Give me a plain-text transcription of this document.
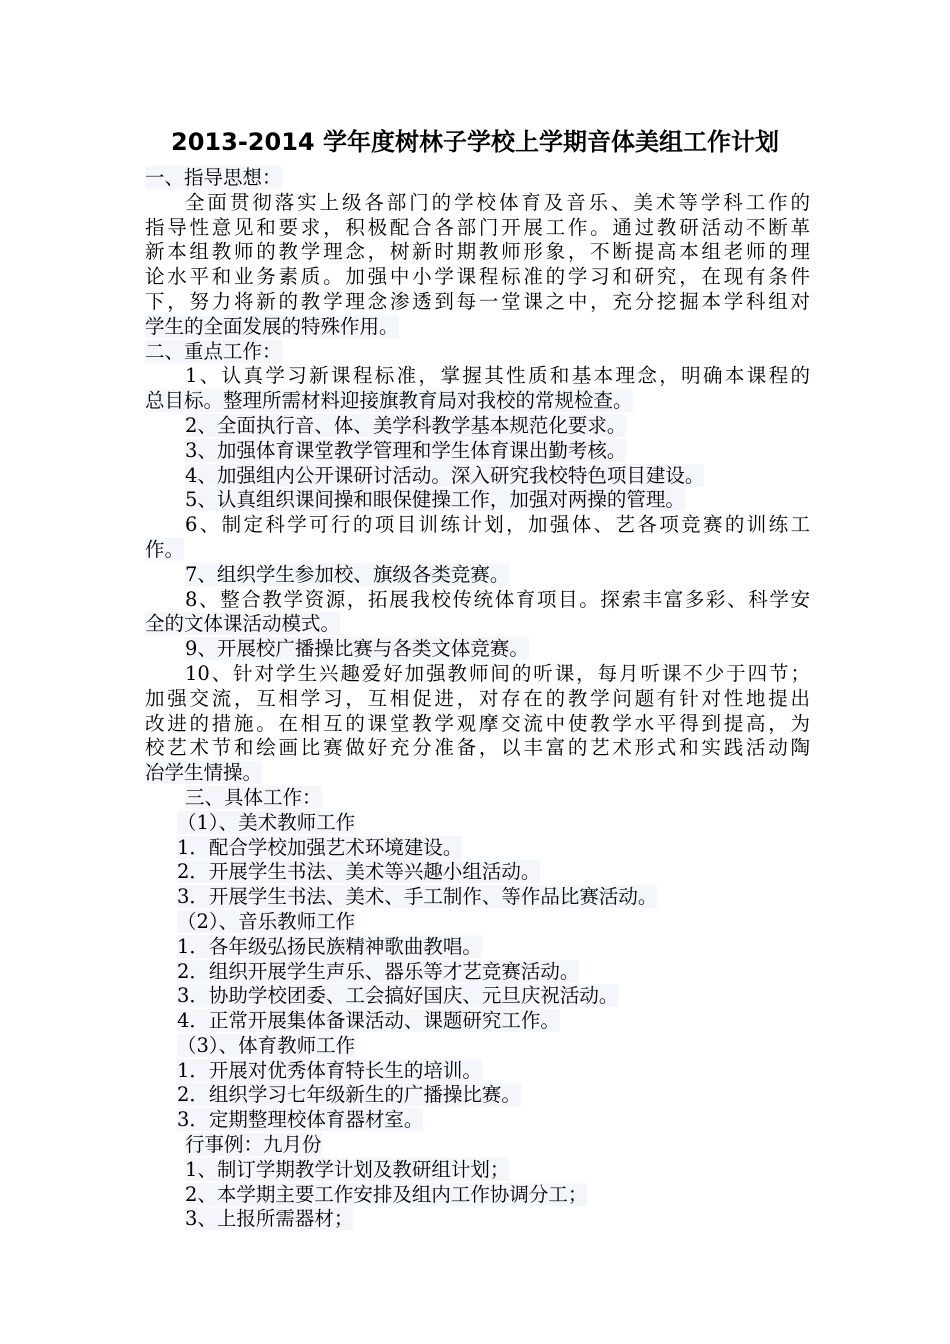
2013-2014 学年度树林子学校上学期音体美组工作计划
一、指导思想：
全面贯彻落实上级各部门的学校体育及音乐、美术等学科工作的
指导性意见和要求，积极配合各部门开展工作。通过教研活动不断革
新本组教师的教学理念，树新时期教师形象，不断提高本组老师的理
论水平和业务素质。加强中小学课程标准的学习和研究，在现有条件
下，努力将新的教学理念渗透到每一堂课之中，充分挖掘本学科组对
学生的全面发展的特殊作用。
二、重点工作：
1、认真学习新课程标准，掌握其性质和基本理念，明确本课程的
总目标。整理所需材料迎接旗教育局对我校的常规检查。
2、全面执行音、体、美学科教学基本规范化要求。
3、加强体育课堂教学管理和学生体育课出勤考核。
4、加强组内公开课研讨活动。深入研究我校特色项目建设。
5、认真组织课间操和眼保健操工作，加强对两操的管理。
6、制定科学可行的项目训练计划，加强体、艺各项竞赛的训练工
作。
7、组织学生参加校、旗级各类竞赛。
8、整合教学资源，拓展我校传统体育项目。探索丰富多彩、科学安
全的文体课活动模式。
9、开展校广播操比赛与各类文体竞赛。
10、针对学生兴趣爱好加强教师间的听课，每月听课不少于四节；
加强交流，互相学习，互相促进，对存在的教学问题有针对性地提出
改进的措施。在相互的课堂教学观摩交流中使教学水平得到提高，为
校艺术节和绘画比赛做好充分准备，以丰富的艺术形式和实践活动陶
冶学生情操。
三、具体工作：
（1）、美术教师工作
1．配合学校加强艺术环境建设。
2．开展学生书法、美术等兴趣小组活动。
3．开展学生书法、美术、手工制作、等作品比赛活动。
（2）、音乐教师工作
1．各年级弘扬民族精神歌曲教唱。
2．组织开展学生声乐、器乐等才艺竞赛活动。
3．协助学校团委、工会搞好国庆、元旦庆祝活动。
4．正常开展集体备课活动、课题研究工作。
（3）、体育教师工作
1．开展对优秀体育特长生的培训。
2．组织学习七年级新生的广播操比赛。
3．定期整理校体育器材室。
行事例：九月份
1、制订学期教学计划及教研组计划；
2、本学期主要工作安排及组内工作协调分工；
3、上报所需器材；
